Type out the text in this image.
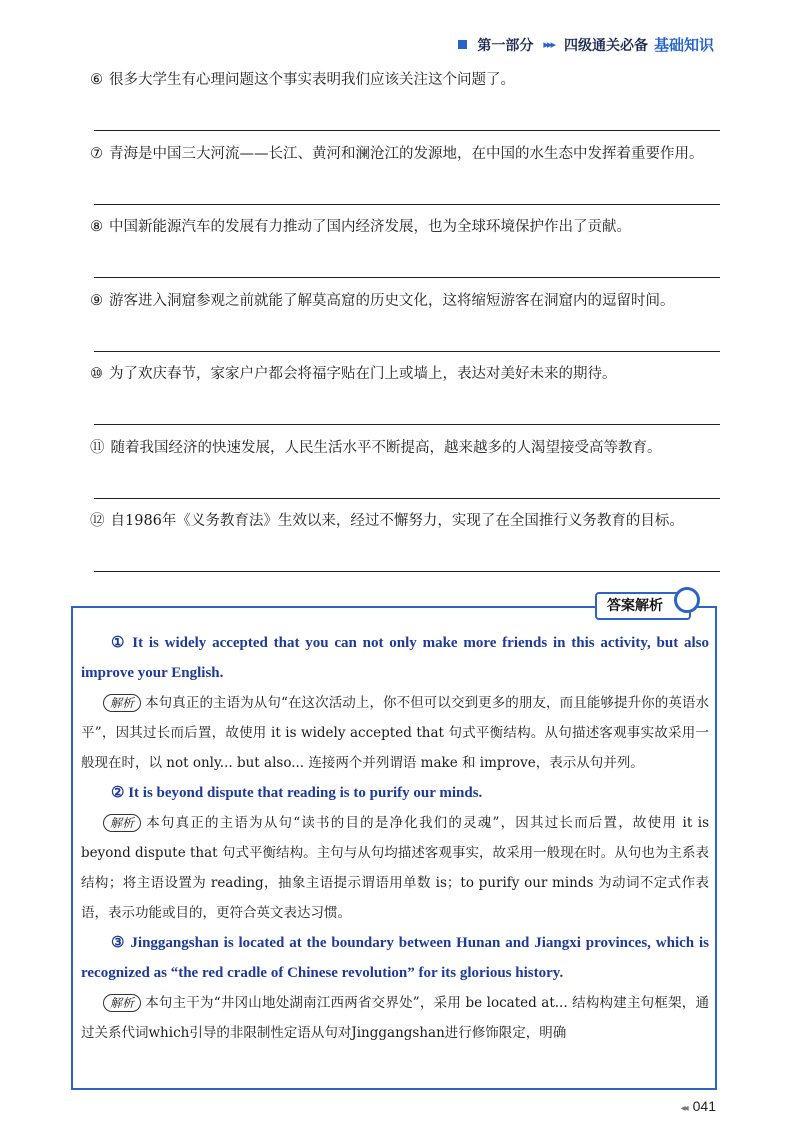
第一部分 ▸▸▸ 四级通关必备 基础知识
⑥ 很多大学生有心理问题这个事实表明我们应该关注这个问题了。
⑦ 青海是中国三大河流——长江、黄河和澜沧江的发源地，在中国的水生态中发挥着重要作用。
⑧ 中国新能源汽车的发展有力推动了国内经济发展，也为全球环境保护作出了贡献。
⑨ 游客进入洞窟参观之前就能了解莫高窟的历史文化，这将缩短游客在洞窟内的逗留时间。
⑩ 为了欢庆春节，家家户户都会将福字贴在门上或墙上，表达对美好未来的期待。
⑪ 随着我国经济的快速发展，人民生活水平不断提高，越来越多的人渴望接受高等教育。
⑫ 自1986年《义务教育法》生效以来，经过不懈努力，实现了在全国推行义务教育的目标。
答案解析

① It is widely accepted that you can not only make more friends in this activity, but also improve your English.

解析 本句真正的主语为从句“在这次活动上，你不但可以交到更多的朋友，而且能够提升你的英语水平”，因其过长而后置，故使用 it is widely accepted that 句式平衡结构。从句描述客观事实故采用一般现在时，以 not only... but also... 连接两个并列谓语 make 和 improve，表示从句并列。

② It is beyond dispute that reading is to purify our minds.

解析 本句真正的主语为从句“读书的目的是净化我们的灵魂”，因其过长而后置，故使用 it is beyond dispute that 句式平衡结构。主句与从句均描述客观事实，故采用一般现在时。从句也为主系表结构；将主语设置为 reading，抽象主语提示谓语用单数 is；to purify our minds 为动词不定式作表语，表示功能或目的，更符合英文表达习惯。

③ Jinggangshan is located at the boundary between Hunan and Jiangxi provinces, which is recognized as “the red cradle of Chinese revolution” for its glorious history.

解析 本句主干为“井冈山地处湖南江西两省交界处”，采用 be located at... 结构构建主句框架，通过关系代词which引导的非限制性定语从句对Jinggangshan进行修饰限定，明确

◂◂ 041
